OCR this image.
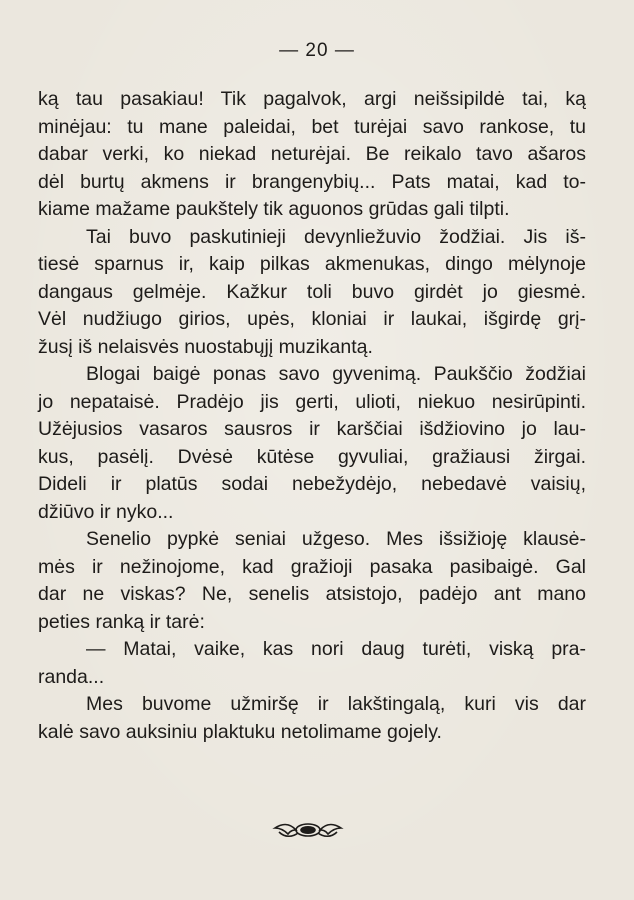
— 20 —
ką tau pasakiau! Tik pagalvok, argi neišsipildė tai, ką
minėjau: tu mane paleidai, bet turėjai savo rankose, tu
dabar verki, ko niekad neturėjai. Be reikalo tavo ašaros
dėl burtų akmens ir brangenybių... Pats matai, kad to-
kiame mažame paukštely tik aguonos grūdas gali tilpti.
Tai buvo paskutinieji devynliežuvio žodžiai. Jis iš-
tiesė sparnus ir, kaip pilkas akmenukas, dingo mėlynoje
dangaus gelmėje. Kažkur toli buvo girdėt jo giesmė.
Vėl nudžiugo girios, upės, kloniai ir laukai, išgirdę grį-
žusį iš nelaisvės nuostabųjį muzikantą.
Blogai baigė ponas savo gyvenimą. Paukščio žodžiai
jo nepataisė. Pradėjo jis gerti, ulioti, niekuo nesirūpinti.
Užėjusios vasaros sausros ir karščiai išdžiovino jo lau-
kus, pasėlį. Dvėsė kūtėse gyvuliai, gražiausi žirgai.
Dideli ir platūs sodai nebežydėjo, nebedavė vaisių,
džiūvo ir nyko...
Senelio pypkė seniai užgeso. Mes išsižioję klausė-
mės ir nežinojome, kad gražioji pasaka pasibaigė. Gal
dar ne viskas? Ne, senelis atsistojo, padėjo ant mano
peties ranką ir tarė:
— Matai, vaike, kas nori daug turėti, viską pra-
randa...
Mes buvome užmiršę ir lakštingalą, kuri vis dar
kalė savo auksiniu plaktuku netolimame gojely.
